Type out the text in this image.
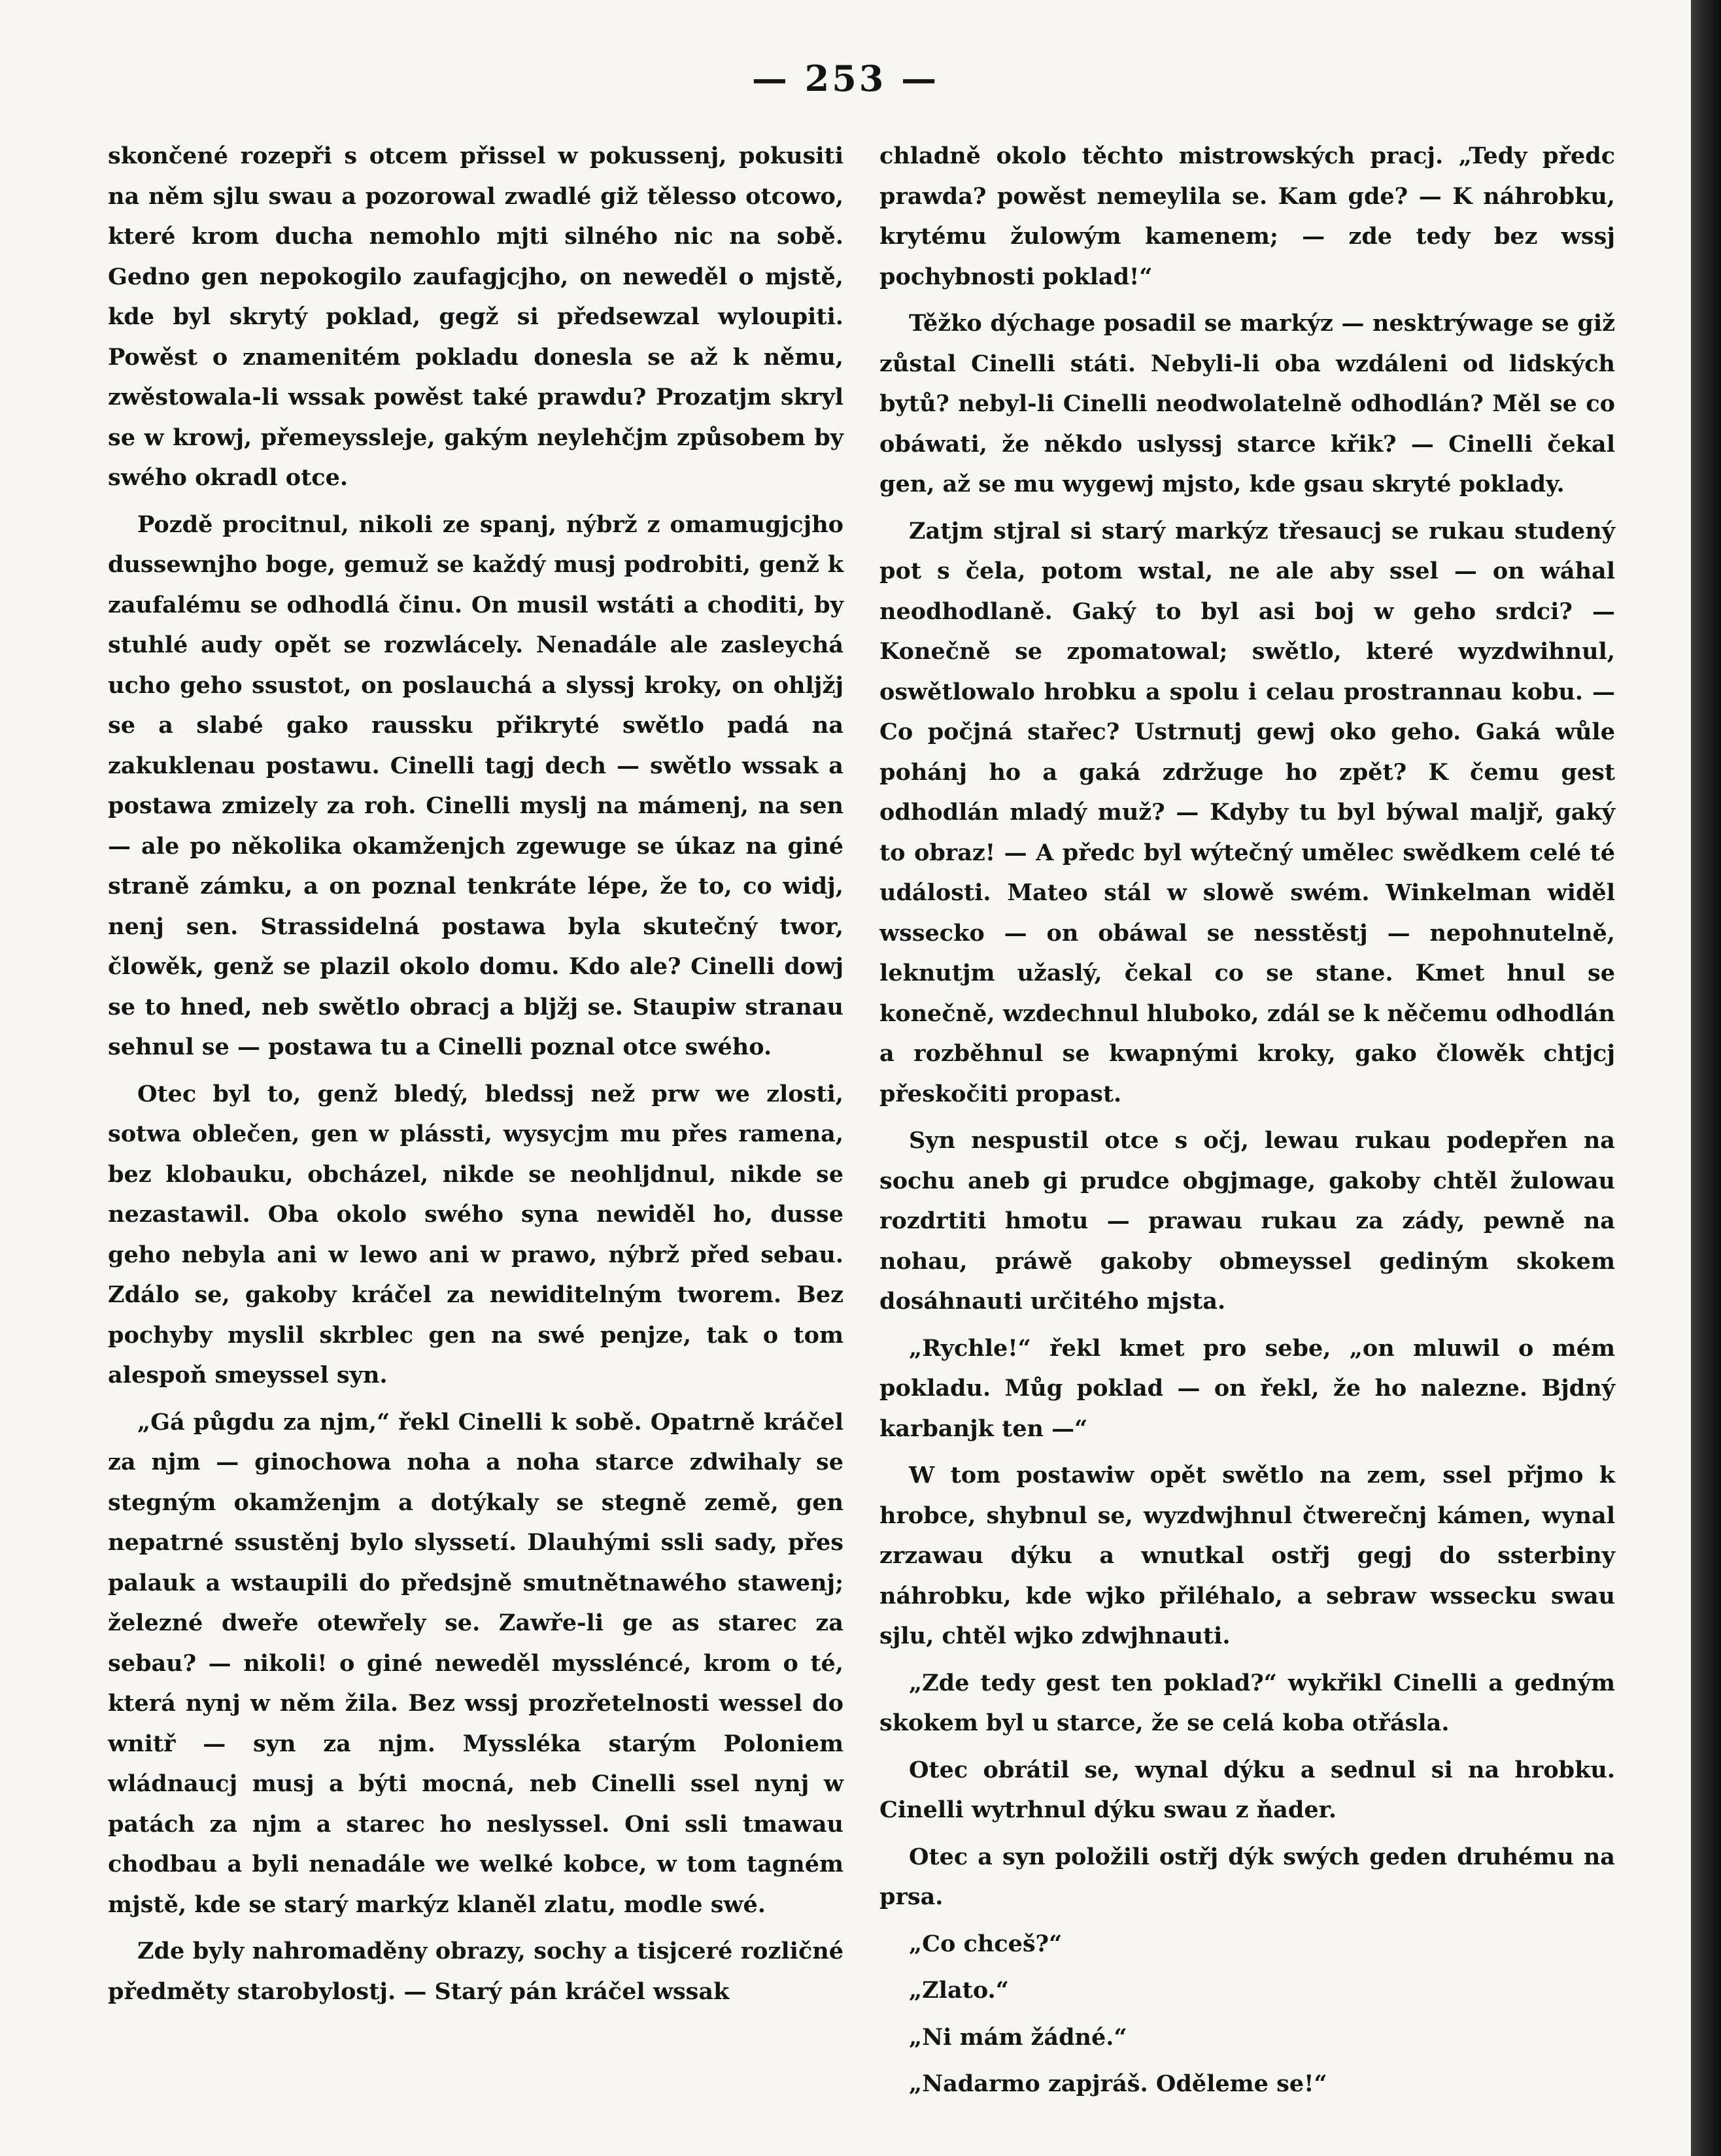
— 253 —

skončené rozepři s otcem přissel w pokussenj, pokusiti na něm sjlu swau a pozorowal zwadlé giž tělesso otcowo, které krom ducha nemohlo mjti silného nic na sobě. Gedno gen nepokogilo zaufagjcjho, on neweděl o mjstě, kde byl skrytý poklad, gegž si předsewzal wyloupiti. Powěst o znamenitém pokladu donesla se až k němu, zwěstowala-li wssak powěst také prawdu? Prozatjm skryl se w krowj, přemeyssleje, gakým neylehčjm způsobem by swého okradl otce.

Pozdě procitnul, nikoli ze spanj, nýbrž z omamugjcjho dussewnjho boge, gemuž se každý musj podrobiti, genž k zaufalému se odhodlá činu. On musil wstáti a choditi, by stuhlé audy opět se rozwlácely. Nenadále ale zasleychá ucho geho ssustot, on poslauchá a slyssj kroky, on ohljžj se a slabé gako raussku přikryté swětlo padá na zakuklenau postawu. Cinelli tagj dech — swětlo wssak a postawa zmizely za roh. Cinelli myslj na mámenj, na sen — ale po několika okamženjch zgewuge se úkaz na giné straně zámku, a on poznal tenkráte lépe, že to, co widj, nenj sen. Strassidelná postawa byla skutečný twor, člowěk, genž se plazil okolo domu. Kdo ale? Cinelli dowj se to hned, neb swětlo obracj a bljžj se. Staupiw stranau sehnul se — postawa tu a Cinelli poznal otce swého.

Otec byl to, genž bledý, bledssj než prw we zlosti, sotwa oblečen, gen w plássti, wysycjm mu přes ramena, bez klobauku, obcházel, nikde se neohljdnul, nikde se nezastawil. Oba okolo swého syna newiděl ho, dusse geho nebyla ani w lewo ani w prawo, nýbrž před sebau. Zdálo se, gakoby kráčel za newiditelným tworem. Bez pochyby myslil skrblec gen na swé penjze, tak o tom alespoň smeyssel syn.

„Gá půgdu za njm,“ řekl Cinelli k sobě. Opatrně kráčel za njm — ginochowa noha a noha starce zdwihaly se stegným okamženjm a dotýkaly se stegně země, gen nepatrné ssustěnj bylo slyssetí. Dlauhými ssli sady, přes palauk a wstaupili do předsjně smutnětnawého stawenj; železné dweře otewřely se. Zawře-li ge as starec za sebau? — nikoli! o giné neweděl myssléncé, krom o té, která nynj w něm žila. Bez wssj prozřetelnosti wessel do wnitř — syn za njm. Myssléka starým Poloniem wládnaucj musj a býti mocná, neb Cinelli ssel nynj w patách za njm a starec ho neslyssel. Oni ssli tmawau chodbau a byli nenadále we welké kobce, w tom tagném mjstě, kde se starý markýz klaněl zlatu, modle swé.

Zde byly nahromaděny obrazy, sochy a tisjceré rozličné předměty starobylostj. — Starý pán kráčel wssak

chladně okolo těchto mistrowských pracj. „Tedy předc prawda? powěst nemeylila se. Kam gde? — K náhrobku, krytému žulowým kamenem; — zde tedy bez wssj pochybnosti poklad!“

Těžko dýchage posadil se markýz — nesktrýwage se giž zůstal Cinelli státi. Nebyli-li oba wzdáleni od lidských bytů? nebyl-li Cinelli neodwolatelně odhodlán? Měl se co obáwati, že někdo uslyssj starce křik? — Cinelli čekal gen, až se mu wygewj mjsto, kde gsau skryté poklady.

Zatjm stjral si starý markýz třesaucj se rukau studený pot s čela, potom wstal, ne ale aby ssel — on wáhal neodhodlaně. Gaký to byl asi boj w geho srdci? — Konečně se zpomatowal; swětlo, které wyzdwihnul, oswětlowalo hrobku a spolu i celau prostrannau kobu. — Co počjná stařec? Ustrnutj gewj oko geho. Gaká wůle pohánj ho a gaká zdržuge ho zpět? K čemu gest odhodlán mladý muž? — Kdyby tu byl býwal maljř, gaký to obraz! — A předc byl wýtečný umělec swědkem celé té události. Mateo stál w slowě swém. Winkelman widěl wssecko — on obáwal se nesstěstj — nepohnutelně, leknutjm užaslý, čekal co se stane. Kmet hnul se konečně, wzdechnul hluboko, zdál se k něčemu odhodlán a rozběhnul se kwapnými kroky, gako člowěk chtjcj přeskočiti propast.

Syn nespustil otce s očj, lewau rukau podepřen na sochu aneb gi prudce obgjmage, gakoby chtěl žulowau rozdrtiti hmotu — prawau rukau za zády, pewně na nohau, práwě gakoby obmeyssel gediným skokem dosáhnauti určitého mjsta.

„Rychle!“ řekl kmet pro sebe, „on mluwil o mém pokladu. Můg poklad — on řekl, že ho nalezne. Bjdný karbanjk ten —“

W tom postawiw opět swětlo na zem, ssel přjmo k hrobce, shybnul se, wyzdwjhnul čtwerečnj kámen, wynal zrzawau dýku a wnutkal ostřj gegj do ssterbiny náhrobku, kde wjko přiléhalo, a sebraw wssecku swau sjlu, chtěl wjko zdwjhnauti.

„Zde tedy gest ten poklad?“ wykřikl Cinelli a gedným skokem byl u starce, že se celá koba otřásla.

Otec obrátil se, wynal dýku a sednul si na hrobku. Cinelli wytrhnul dýku swau z ňader.

Otec a syn položili ostřj dýk swých geden druhému na prsa.

„Co chceš?“

„Zlato.“

„Ni mám žádné.“

„Nadarmo zapjráš. Oděleme se!“
